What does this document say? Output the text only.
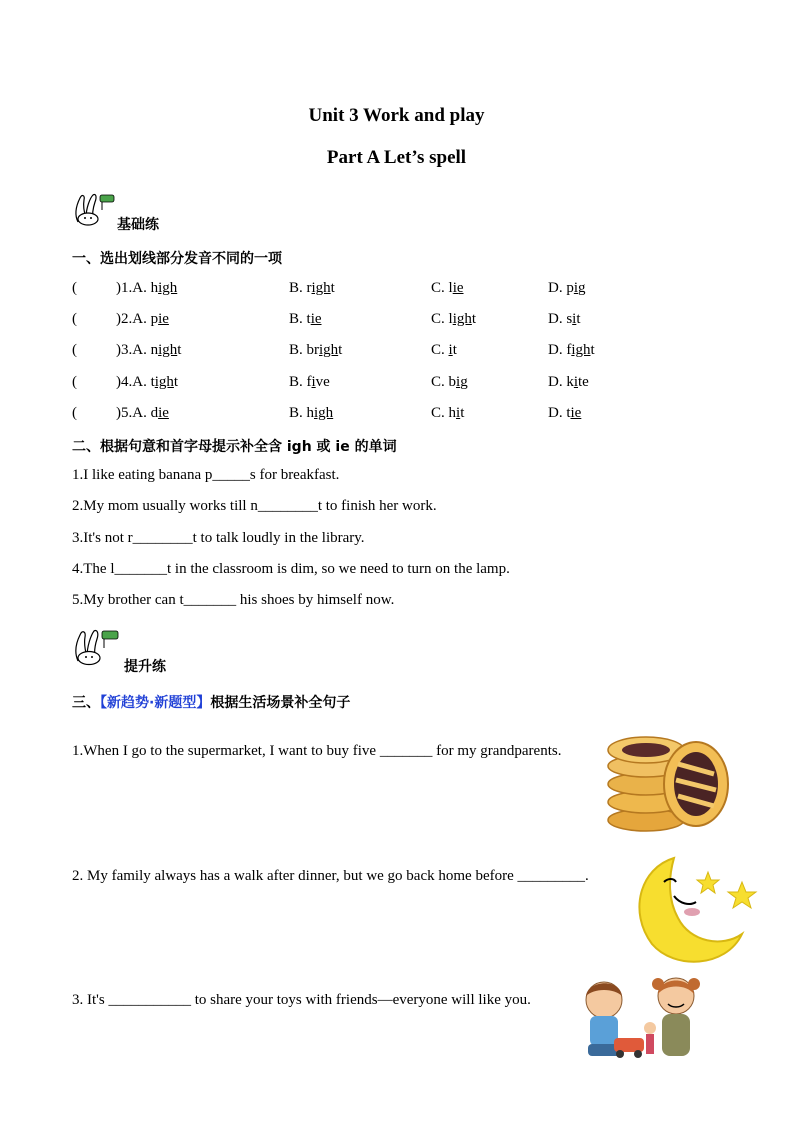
Unit 3 Work and play
Part A Let’s spell
基础练
一、选出划线部分发音不同的一项
(	)1.A. high	B. right	C. lie	D. pig
(	)2.A. pie	B. tie	C. light	D. sit
(	)3.A. night	B. bright	C. it	D. fight
(	)4.A. tight	B. five	C. big	D. kite
(	)5.A. die	B. high	C. hit	D. tie
二、根据句意和首字母提示补全含 igh 或 ie 的单词
1.I like eating banana p_____s for breakfast.
2.My mom usually works till n________t to finish her work.
3.It's not r________t to talk loudly in the library.
4.The l_______t in the classroom is dim, so we need to turn on the lamp.
5.My brother can t_______ his shoes by himself now.
提升练
三、【新趋势·新题型】根据生活场景补全句子
1.When I go to the supermarket, I want to buy five _______ for my grandparents.
2. My family always has a walk after dinner, but we go back home before _________.
3. It's ___________ to share your toys with friends—everyone will like you.
